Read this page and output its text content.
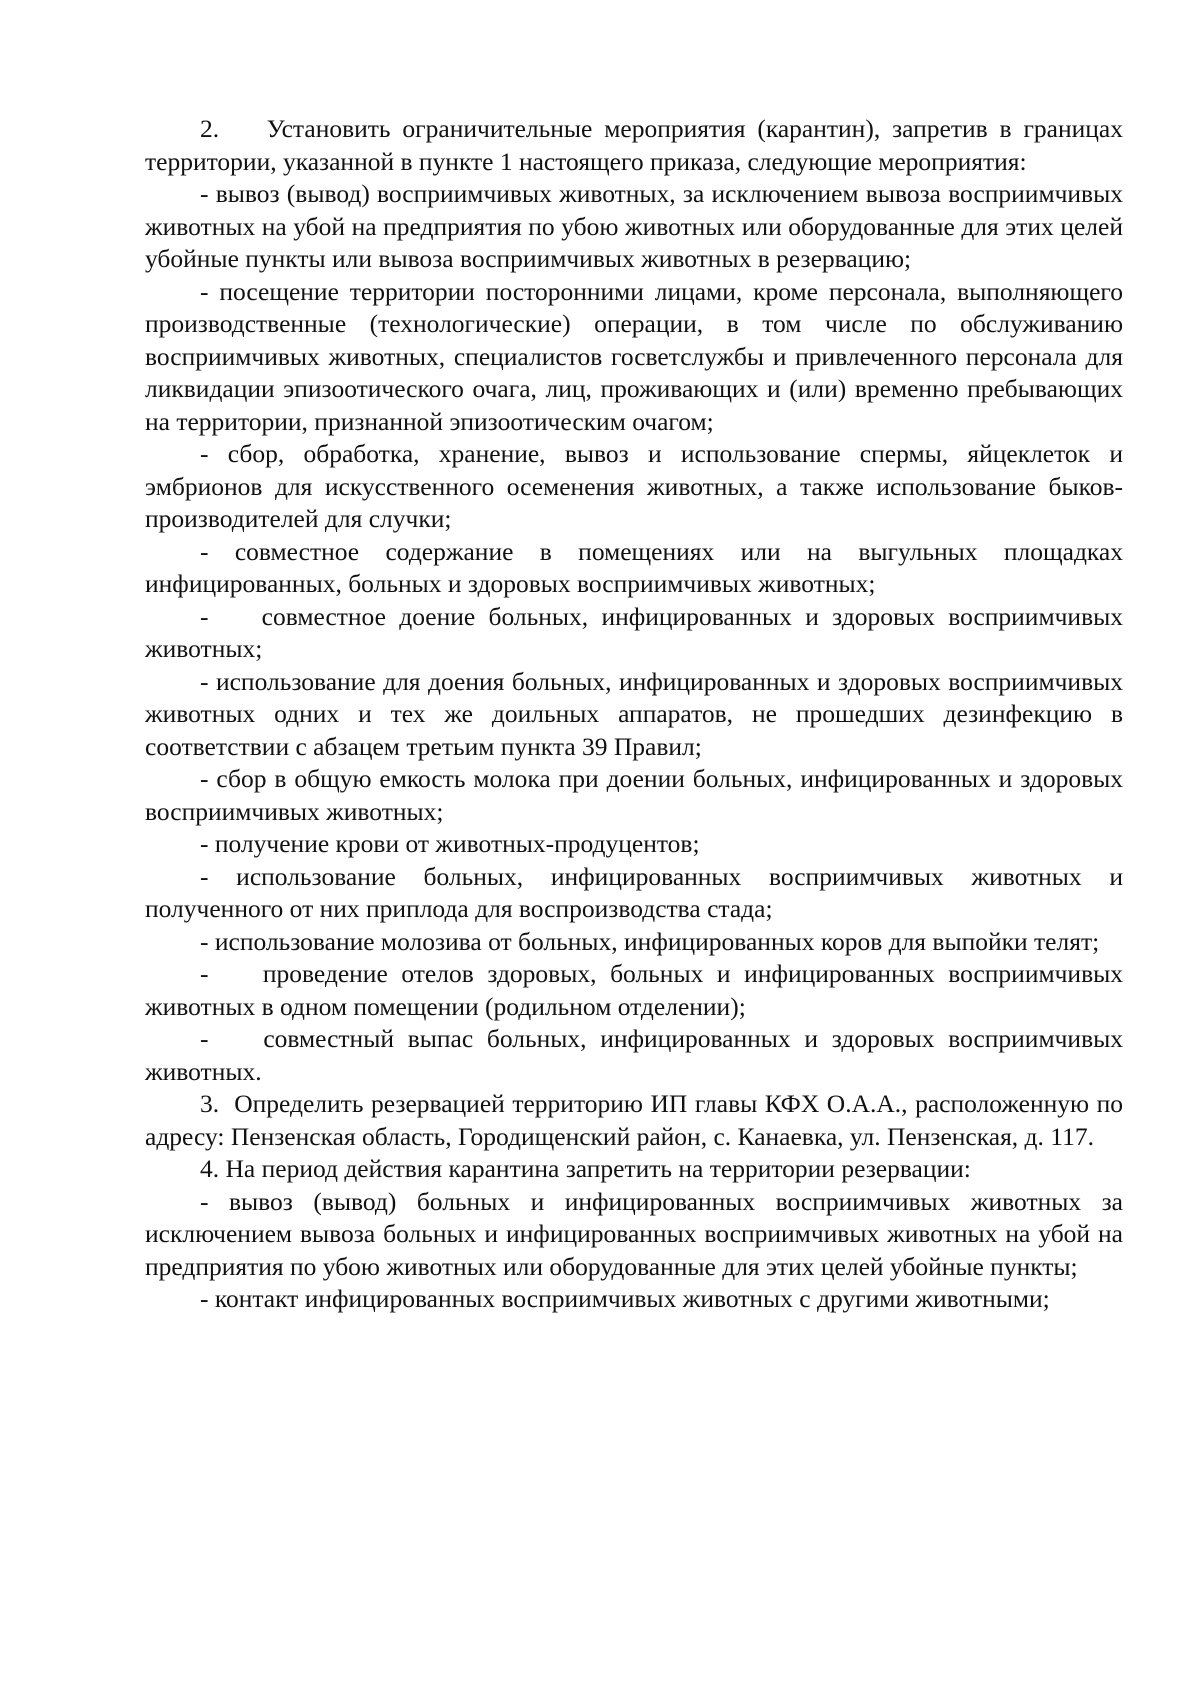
2.    Установить ограничительные мероприятия (карантин), запретив в границах территории, указанной в пункте 1 настоящего приказа, следующие мероприятия:

- вывоз (вывод) восприимчивых животных, за исключением вывоза восприимчивых животных на убой на предприятия по убою животных или оборудованные для этих целей убойные пункты или вывоза восприимчивых животных в резервацию;

- посещение территории посторонними лицами, кроме персонала, выполняющего производственные (технологические) операции, в том числе по обслуживанию восприимчивых животных, специалистов госветслужбы и привлеченного персонала для ликвидации эпизоотического очага, лиц, проживающих и (или) временно пребывающих на территории, признанной эпизоотическим очагом;

- сбор, обработка, хранение, вывоз и использование спермы, яйцеклеток и эмбрионов для искусственного осеменения животных, а также использование быков-производителей для случки;

- совместное содержание в помещениях или на выгульных площадках инфицированных, больных и здоровых восприимчивых животных;

-    совместное доение больных, инфицированных и здоровых восприимчивых животных;

- использование для доения больных, инфицированных и здоровых восприимчивых животных одних и тех же доильных аппаратов, не прошедших дезинфекцию в соответствии с абзацем третьим пункта 39 Правил;

- сбор в общую емкость молока при доении больных, инфицированных и здоровых восприимчивых животных;

- получение крови от животных-продуцентов;

- использование больных, инфицированных восприимчивых животных и полученного от них приплода для воспроизводства стада;

- использование молозива от больных, инфицированных коров для выпойки телят;

-    проведение отелов здоровых, больных и инфицированных восприимчивых животных в одном помещении (родильном отделении);

-    совместный выпас больных, инфицированных и здоровых восприимчивых животных.

3.  Определить резервацией территорию ИП главы КФХ О.А.А., расположенную по адресу: Пензенская область, Городищенский район, с. Канаевка, ул. Пензенская, д. 117.

4. На период действия карантина запретить на территории резервации:

- вывоз (вывод) больных и инфицированных восприимчивых животных за исключением вывоза больных и инфицированных восприимчивых животных на убой на предприятия по убою животных или оборудованные для этих целей убойные пункты;

- контакт инфицированных восприимчивых животных с другими животными;
